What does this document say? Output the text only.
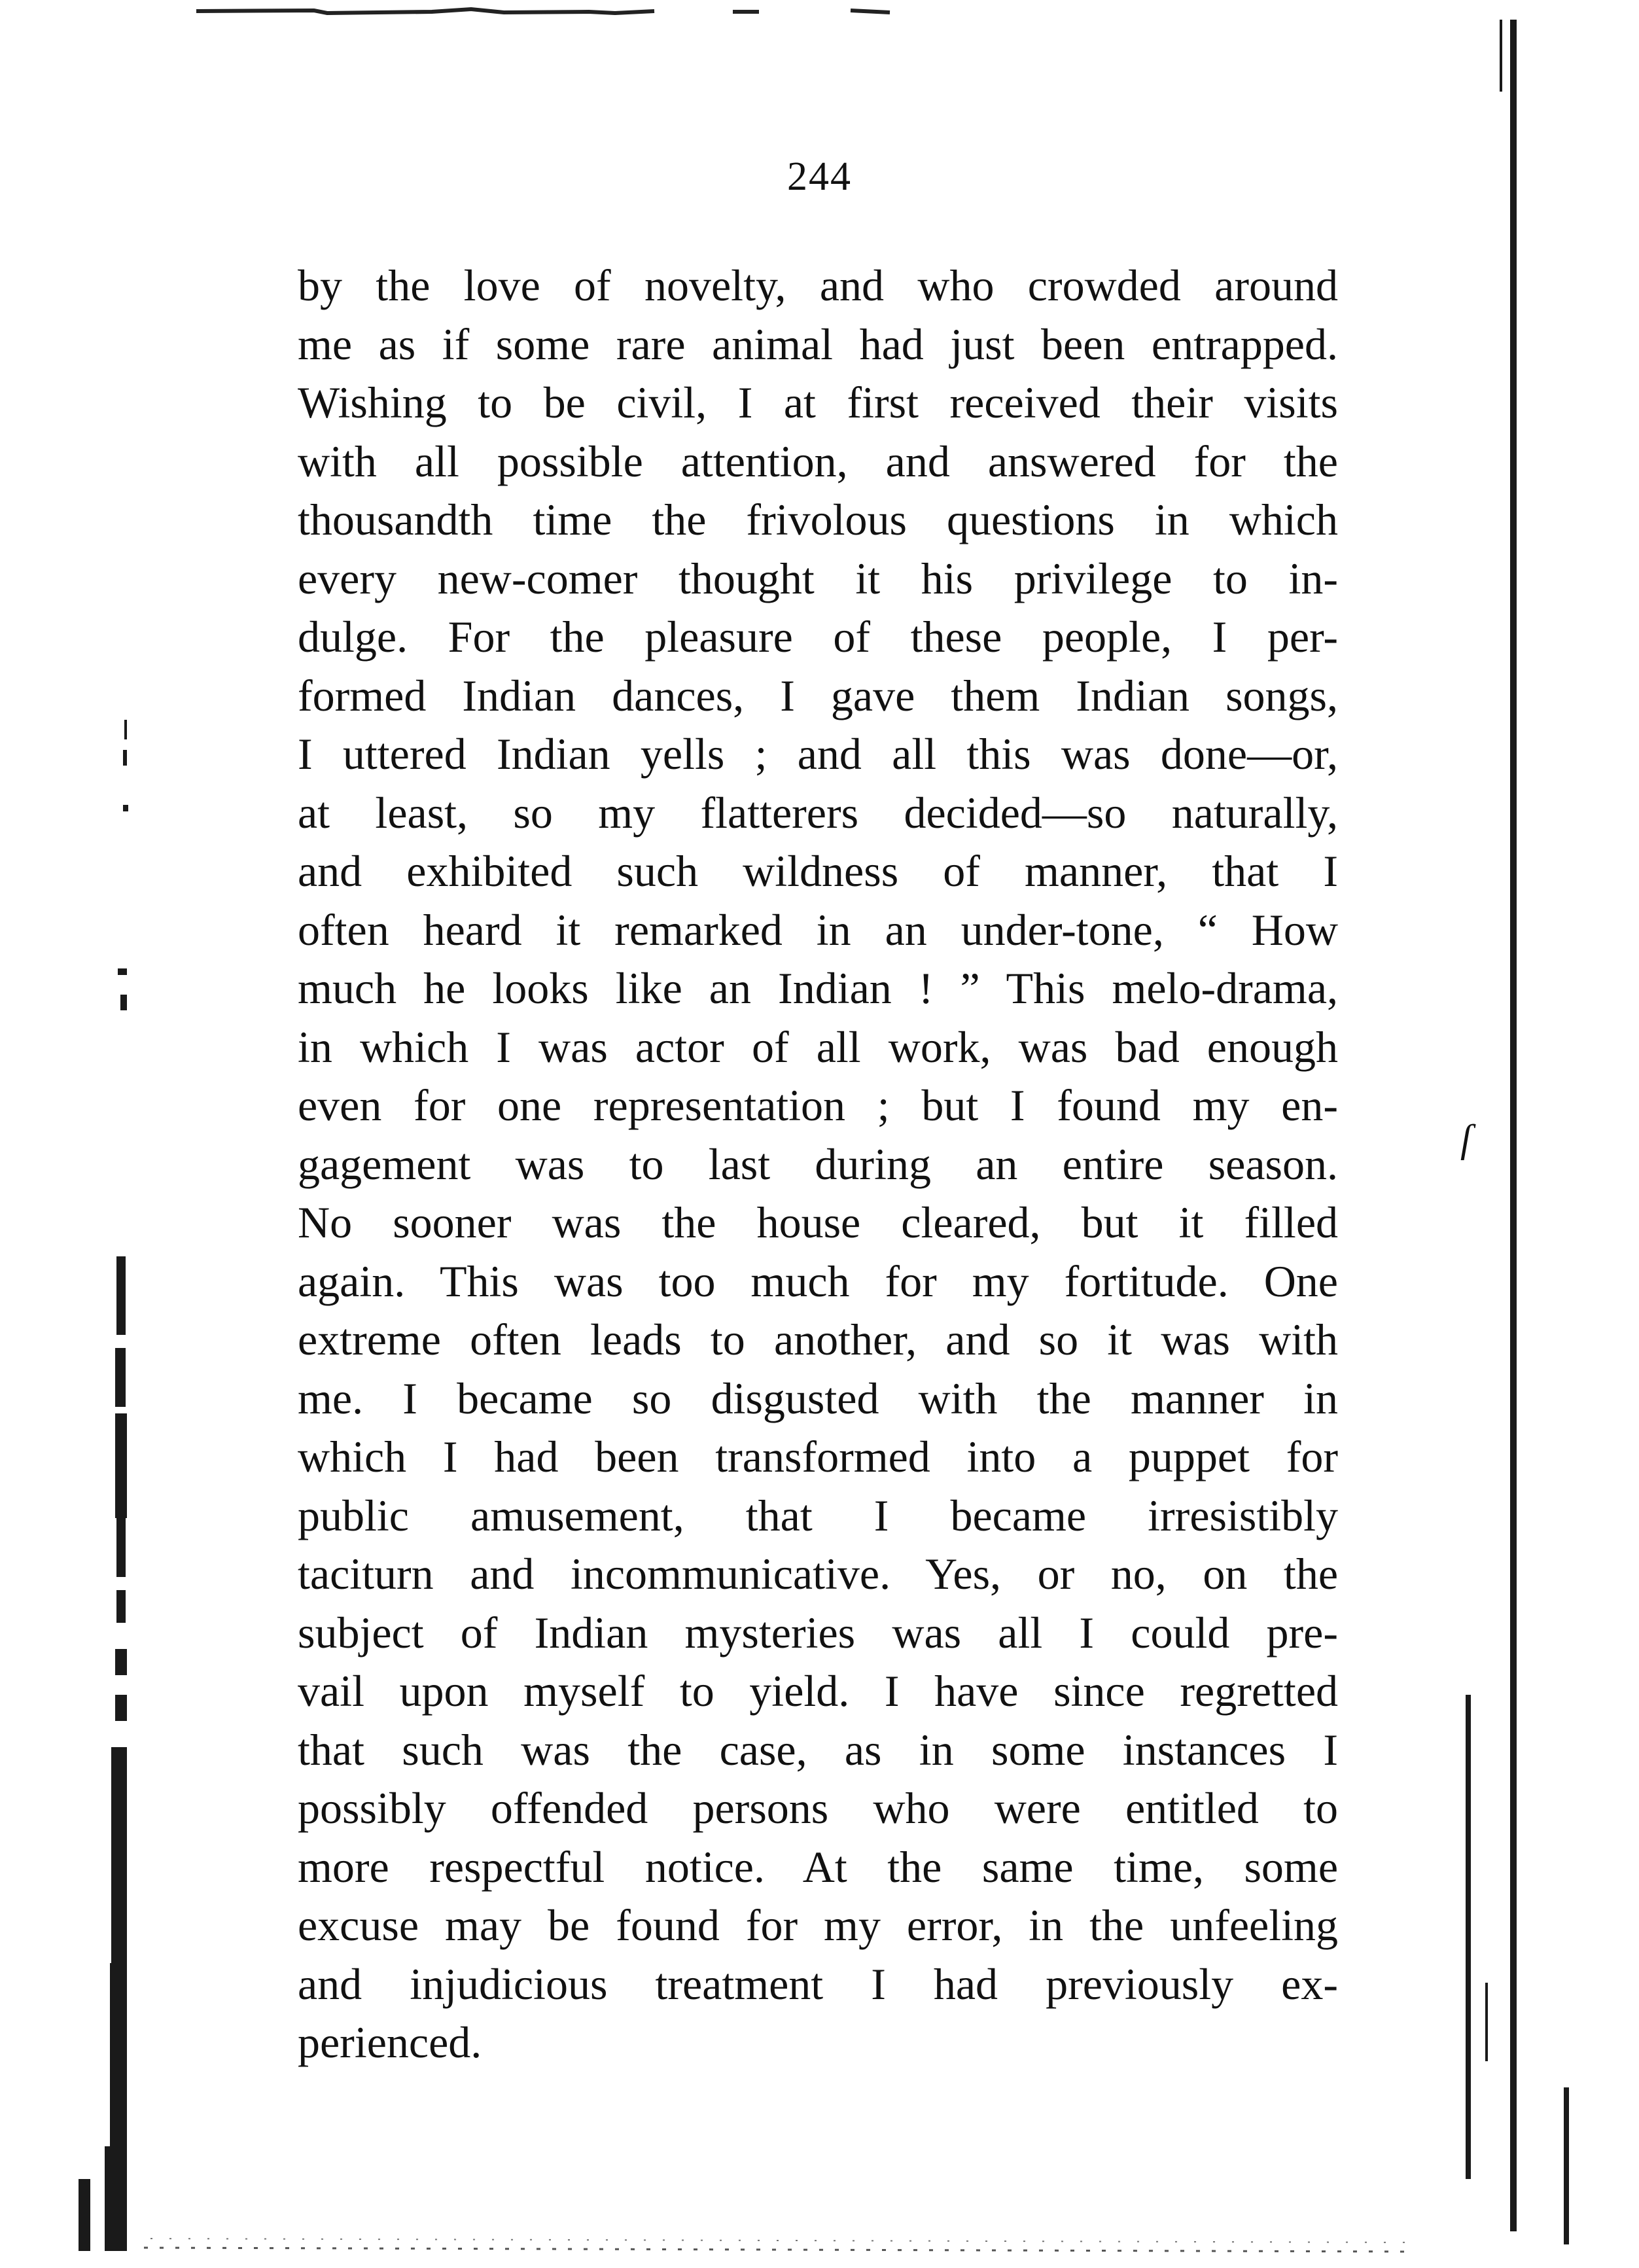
244
by the love of novelty, and who crowded around
me as if some rare animal had just been entrapped.
Wishing to be civil, I at first received their visits
with all possible attention, and answered for the
thousandth time the frivolous questions in which
every new-comer thought it his privilege to in-
dulge. For the pleasure of these people, I per-
formed Indian dances, I gave them Indian songs,
I uttered Indian yells ; and all this was done—or,
at least, so my flatterers decided—so naturally,
and exhibited such wildness of manner, that I
often heard it remarked in an under-tone, “ How
much he looks like an Indian ! ” This melo-drama,
in which I was actor of all work, was bad enough
even for one representation ; but I found my en-
gagement was to last during an entire season.
No sooner was the house cleared, but it filled
again. This was too much for my fortitude. One
extreme often leads to another, and so it was with
me. I became so disgusted with the manner in
which I had been transformed into a puppet for
public amusement, that I became irresistibly
taciturn and incommunicative. Yes, or no, on the
subject of Indian mysteries was all I could pre-
vail upon myself to yield. I have since regretted
that such was the case, as in some instances I
possibly offended persons who were entitled to
more respectful notice. At the same time, some
excuse may be found for my error, in the unfeeling
and injudicious treatment I had previously ex-
perienced.
ſ
